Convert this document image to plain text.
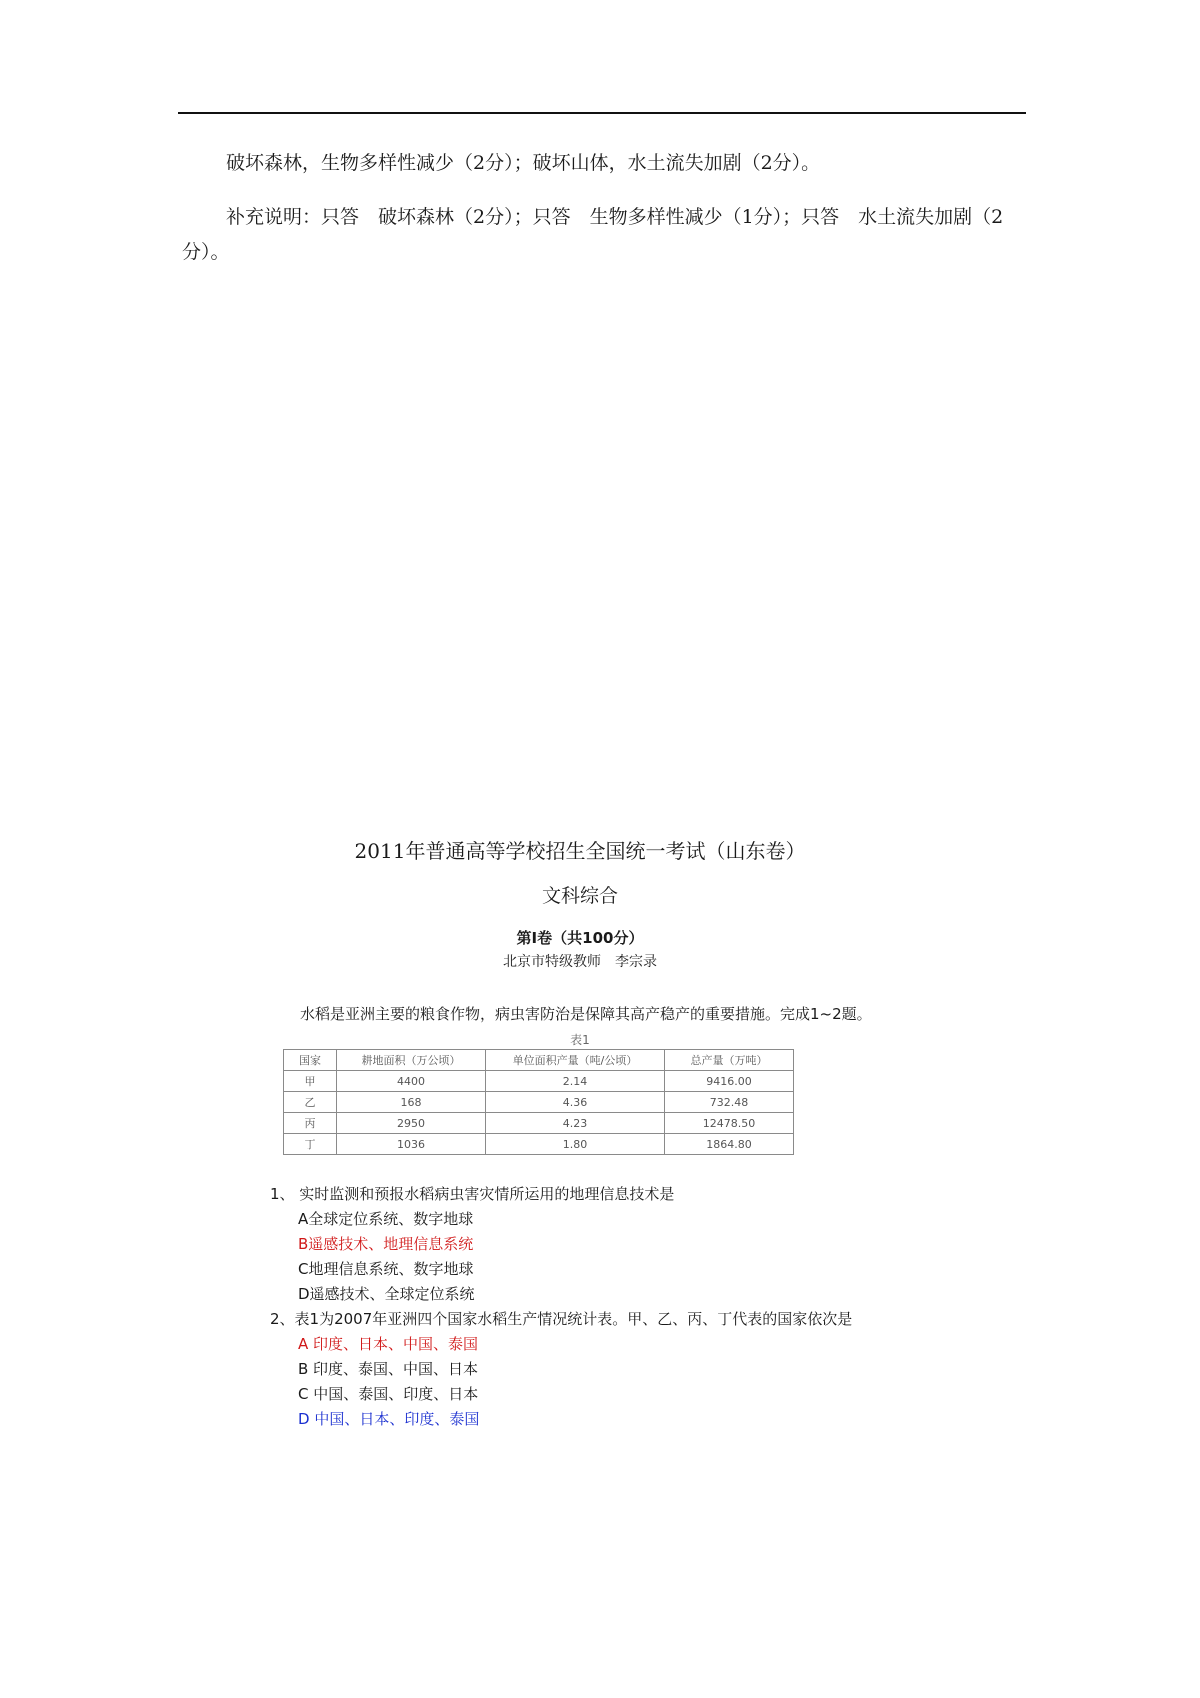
破坏森林，生物多样性减少（2分）；破坏山体，水土流失加剧（2分）。

补充说明：只答　破坏森林（2分）；只答　生物多样性减少（1分）；只答　水土流失加剧（2分）。

2011年普通高等学校招生全国统一考试（山东卷）

文科综合

第Ⅰ卷（共100分）

北京市特级教师　李宗录

水稻是亚洲主要的粮食作物，病虫害防治是保障其高产稳产的重要措施。完成1~2题。

表1

国家	耕地面积（万公顷）	单位面积产量（吨/公顷）	总产量（万吨）
甲	4400	2.14	9416.00
乙	168	4.36	732.48
丙	2950	4.23	12478.50
丁	1036	1.80	1864.80

1、 实时监测和预报水稻病虫害灾情所运用的地理信息技术是

A全球定位系统、数字地球

B遥感技术、地理信息系统

C地理信息系统、数字地球

D遥感技术、全球定位系统

2、表1为2007年亚洲四个国家水稻生产情况统计表。甲、乙、丙、丁代表的国家依次是

A 印度、日本、中国、泰国

B 印度、泰国、中国、日本

C 中国、泰国、印度、日本

D 中国、日本、印度、泰国
